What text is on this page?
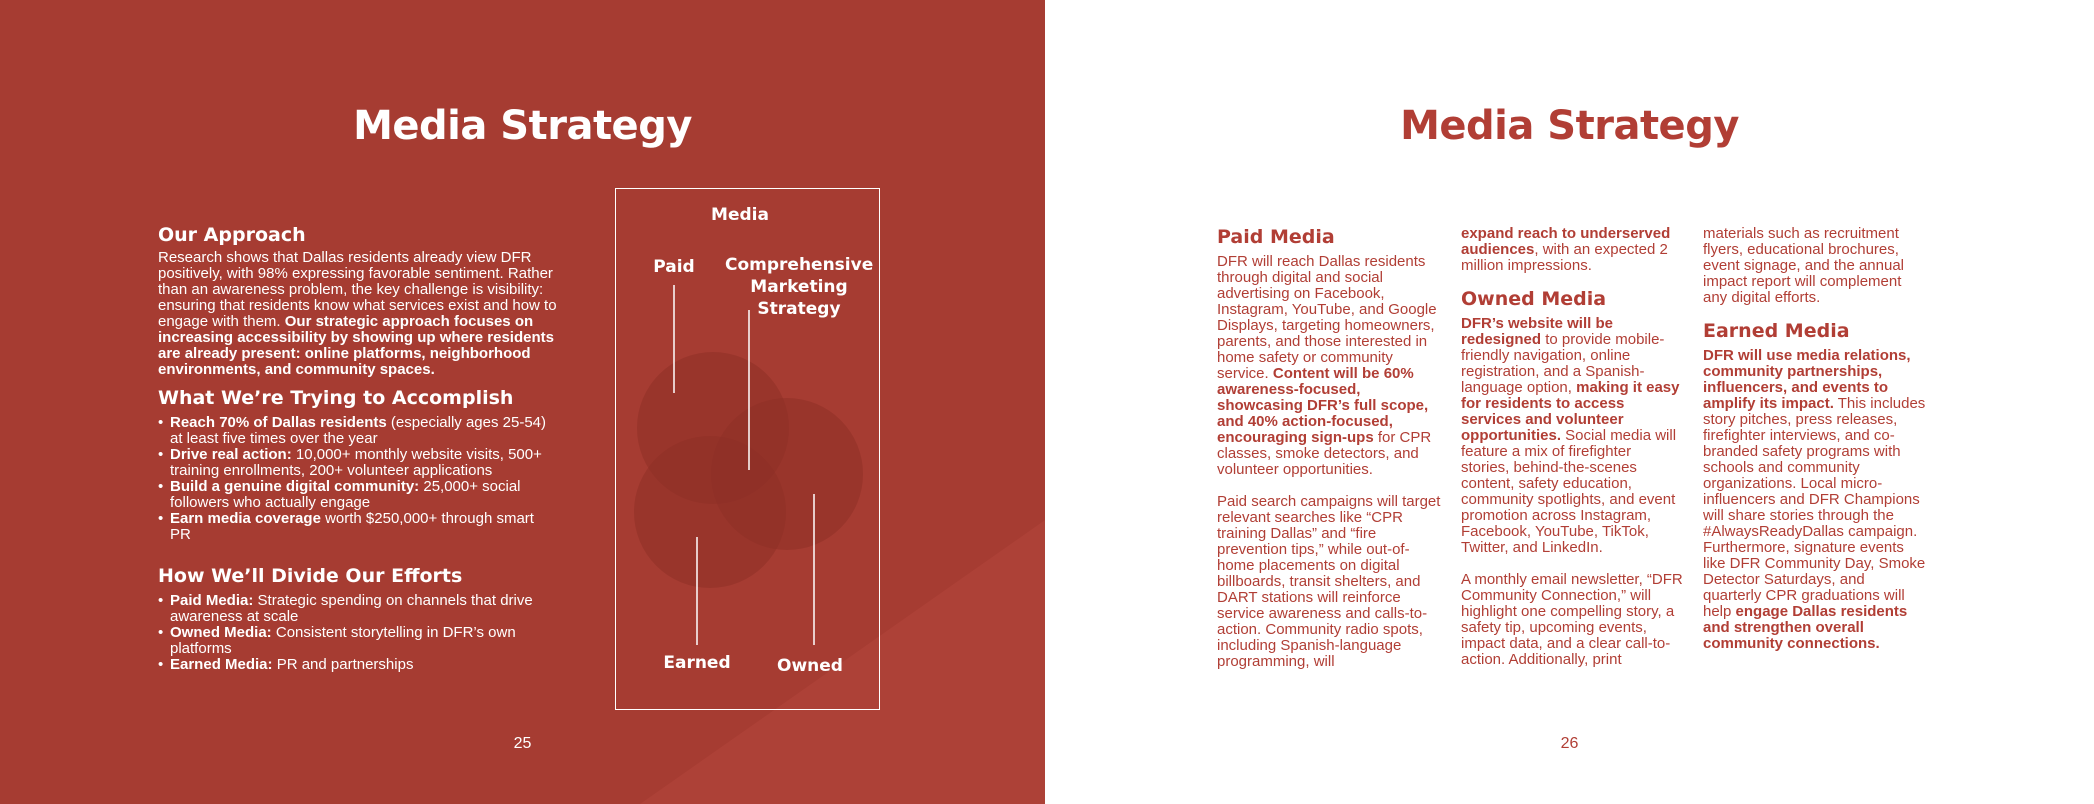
Media Strategy
Our Approach

Research shows that Dallas residents already view DFR positively, with 98% expressing favorable sentiment. Rather than an awareness problem, the key challenge is visibility: ensuring that residents know what services exist and how to engage with them. Our strategic approach focuses on increasing accessibility by showing up where residents are already present: online platforms, neighborhood environments, and community spaces.

What We’re Trying to Accomplish
• Reach 70% of Dallas residents (especially ages 25-54) at least five times over the year
• Drive real action: 10,000+ monthly website visits, 500+ training enrollments, 200+ volunteer applications
• Build a genuine digital community: 25,000+ social followers who actually engage
• Earn media coverage worth $250,000+ through smart PR
How We’ll Divide Our Efforts
• Paid Media: Strategic spending on channels that drive awareness at scale
• Owned Media: Consistent storytelling in DFR’s own platforms
• Earned Media: PR and partnerships
Media
Paid	Comprehensive
Marketing
Strategy
Earned	Owned
25
Media Strategy
Paid Media

DFR will reach Dallas residents through digital and social advertising on Facebook, Instagram, YouTube, and Google Displays, targeting homeowners, parents, and those interested in home safety or community service. Content will be 60% awareness-focused, showcasing DFR’s full scope, and 40% action-focused, encouraging sign-ups for CPR classes, smoke detectors, and volunteer opportunities.

Paid search campaigns will target relevant searches like “CPR training Dallas” and “fire prevention tips,” while out-of-home placements on digital billboards, transit shelters, and DART stations will reinforce service awareness and calls-to-action. Community radio spots, including Spanish-language programming, will

expand reach to underserved audiences, with an expected 2 million impressions.

Owned Media

DFR’s website will be redesigned to provide mobile-friendly navigation, online registration, and a Spanish-language option, making it easy for residents to access services and volunteer opportunities. Social media will feature a mix of firefighter stories, behind-the-scenes content, safety education, community spotlights, and event promotion across Instagram, Facebook, YouTube, TikTok, Twitter, and LinkedIn.

A monthly email newsletter, “DFR Community Connection,” will highlight one compelling story, a safety tip, upcoming events, impact data, and a clear call-to-action. Additionally, print

materials such as recruitment flyers, educational brochures, event signage, and the annual impact report will complement any digital efforts.

Earned Media

DFR will use media relations, community partnerships, influencers, and events to amplify its impact. This includes story pitches, press releases, firefighter interviews, and co-branded safety programs with schools and community organizations. Local micro-influencers and DFR Champions will share stories through the #AlwaysReadyDallas campaign. Furthermore, signature events like DFR Community Day, Smoke Detector Saturdays, and quarterly CPR graduations will help engage Dallas residents and strengthen overall community connections.

26
